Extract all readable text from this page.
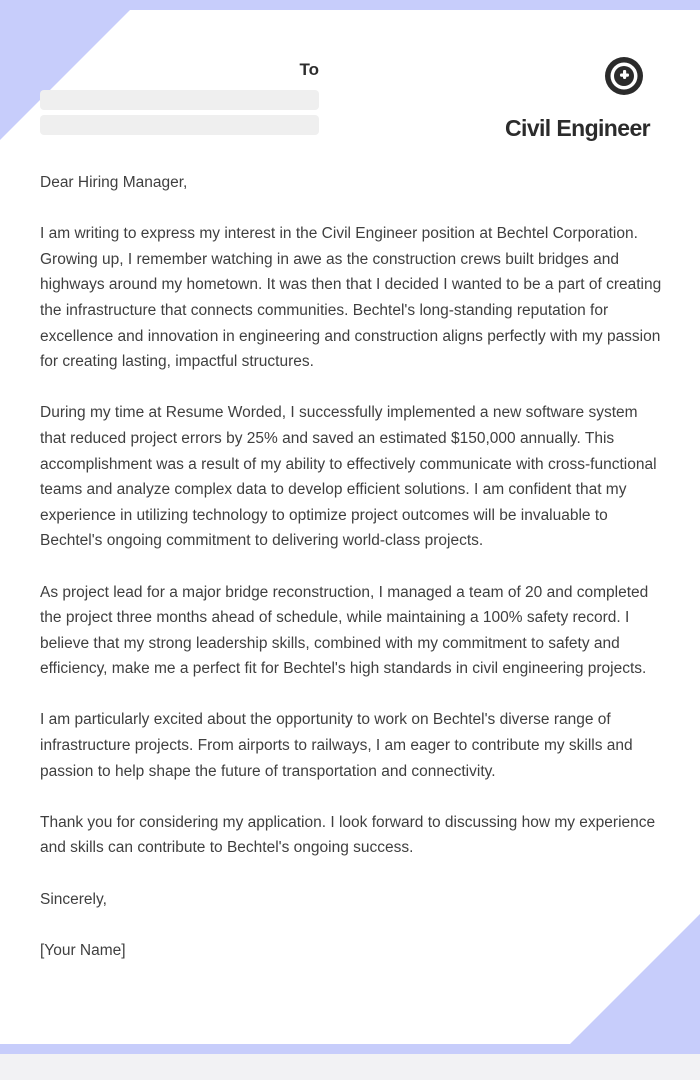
To
Civil Engineer

Dear Hiring Manager,

I am writing to express my interest in the Civil Engineer position at Bechtel Corporation. Growing up, I remember watching in awe as the construction crews built bridges and highways around my hometown. It was then that I decided I wanted to be a part of creating the infrastructure that connects communities. Bechtel's long-standing reputation for excellence and innovation in engineering and construction aligns perfectly with my passion for creating lasting, impactful structures.

During my time at Resume Worded, I successfully implemented a new software system that reduced project errors by 25% and saved an estimated $150,000 annually. This accomplishment was a result of my ability to effectively communicate with cross-functional teams and analyze complex data to develop efficient solutions. I am confident that my experience in utilizing technology to optimize project outcomes will be invaluable to Bechtel's ongoing commitment to delivering world-class projects.

As project lead for a major bridge reconstruction, I managed a team of 20 and completed the project three months ahead of schedule, while maintaining a 100% safety record. I believe that my strong leadership skills, combined with my commitment to safety and efficiency, make me a perfect fit for Bechtel's high standards in civil engineering projects.

I am particularly excited about the opportunity to work on Bechtel's diverse range of infrastructure projects. From airports to railways, I am eager to contribute my skills and passion to help shape the future of transportation and connectivity.

Thank you for considering my application. I look forward to discussing how my experience and skills can contribute to Bechtel's ongoing success.

Sincerely,

[Your Name]
